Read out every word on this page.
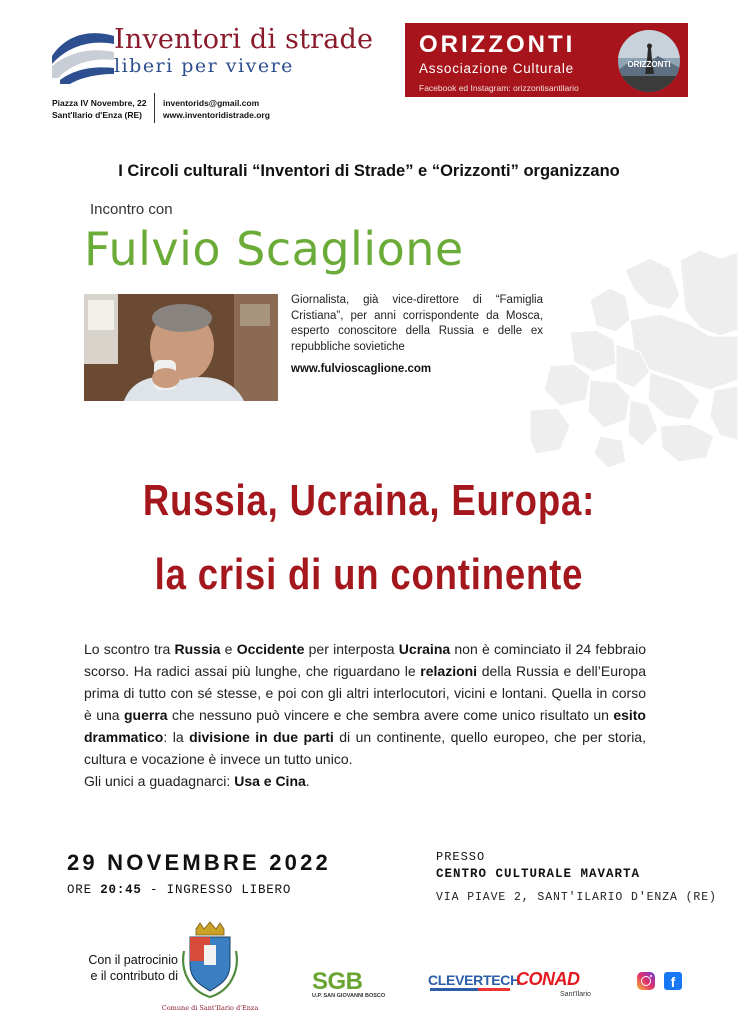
Inventori di strade
liberi per vivere
Piazza IV Novembre, 22
Sant'Ilario d'Enza (RE)
inventorids@gmail.com
www.inventoridistrade.org
ORIZZONTI
Associazione Culturale
Facebook ed Instagram: orizzontisantilario
ORIZZONTI
I Circoli culturali “Inventori di Strade” e “Orizzonti” organizzano
Incontro con
Fulvio Scaglione
Giornalista, già vice-direttore di “Famiglia Cristiana”, per anni corrispondente da Mosca, esperto conoscitore della Russia e delle ex repubbliche sovietiche
www.fulvioscaglione.com
Russia, Ucraina, Europa:
la crisi di un continente
Lo scontro tra Russia e Occidente per interposta Ucraina non è cominciato il 24 febbraio scorso. Ha radici assai più lunghe, che riguardano le relazioni della Russia e dell’Europa prima di tutto con sé stesse, e poi con gli altri interlocutori, vicini e lontani. Quella in corso è una guerra che nessuno può vincere e che sembra avere come unico risultato un esito drammatico: la divisione in due parti di un continente, quello europeo, che per storia, cultura e vocazione è invece un tutto unico.
Gli unici a guadagnarci: Usa e Cina.
29 NOVEMBRE 2022
ORE 20:45 - INGRESSO LIBERO
PRESSO
CENTRO CULTURALE MAVARTA
VIA PIAVE 2, SANT'ILARIO D'ENZA (RE)
Con il patrocinio
e il contributo di
Comune di Sant'Ilario d'Enza
SGB
U.P. SAN GIOVANNI BOSCO
CLEVERTECH
CONAD
Sant'Ilario
f
